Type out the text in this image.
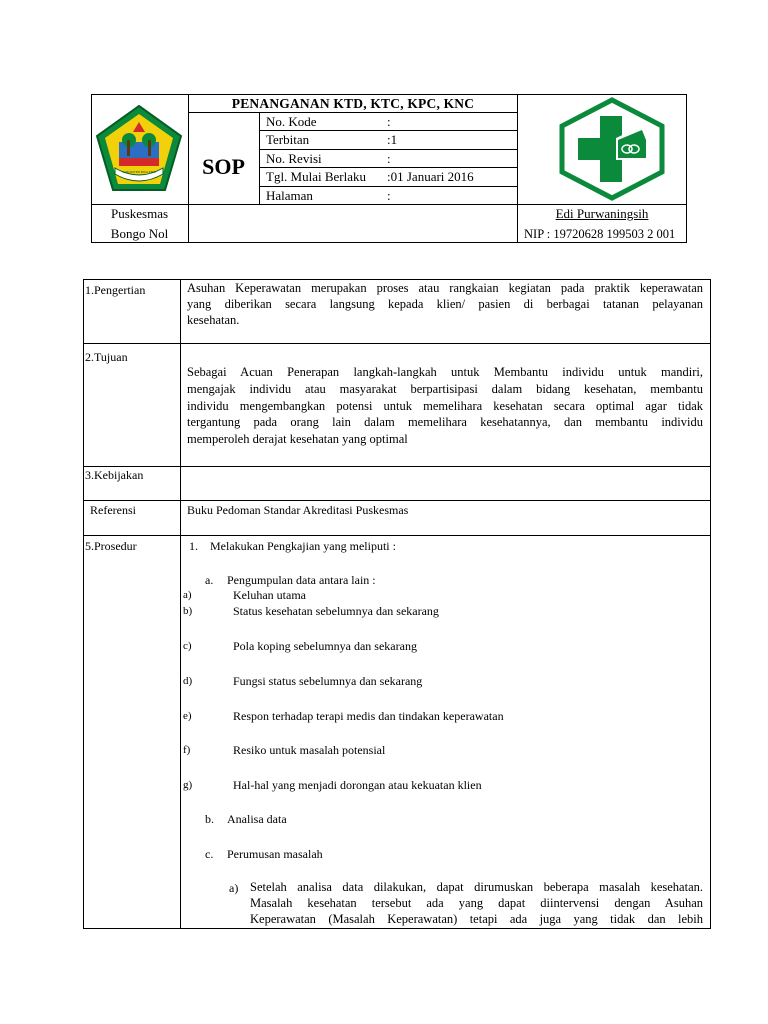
KABUPATEN BOALEMO
PENANGANAN KTD, KTC, KPC, KNC
SOP
No. Kode	:
Terbitan	:1
No. Revisi	:
Tgl. Mulai Berlaku :01 Januari 2016
Halaman	:
Puskesmas
Bongo Nol
Edi Purwaningsih
NIP : 19720628 199503 2 001
1.Pengertian	Asuhan Keperawatan merupakan proses atau rangkaian kegiatan pada praktik keperawatan
yang diberikan secara langsung kepada klien/ pasien di berbagai tatanan pelayanan
kesehatan.
2.Tujuan
Sebagai Acuan Penerapan langkah-langkah untuk Membantu individu untuk mandiri,
mengajak individu atau masyarakat berpartisipasi dalam bidang kesehatan, membantu
individu mengembangkan potensi untuk memelihara kesehatan secara optimal agar tidak
tergantung pada orang lain dalam memelihara kesehatannya, dan membantu individu
memperoleh derajat kesehatan yang optimal
3.Kebijakan
Referensi	Buku Pedoman Standar Akreditasi Puskesmas
5.Prosedur	1. Melakukan Pengkajian yang meliputi :
a. Pengumpulan data antara lain :
a)	Keluhan utama
b)	Status kesehatan sebelumnya dan sekarang
c)	Pola koping sebelumnya dan sekarang
d)	Fungsi status sebelumnya dan sekarang
e)	Respon terhadap terapi medis dan tindakan keperawatan
f)	Resiko untuk masalah potensial
g)	Hal-hal yang menjadi dorongan atau kekuatan klien
b. Analisa data
c. Perumusan masalah
a) Setelah analisa data dilakukan, dapat dirumuskan beberapa masalah kesehatan.
Masalah kesehatan tersebut ada yang dapat diintervensi dengan Asuhan
Keperawatan (Masalah Keperawatan) tetapi ada juga yang tidak dan lebih
